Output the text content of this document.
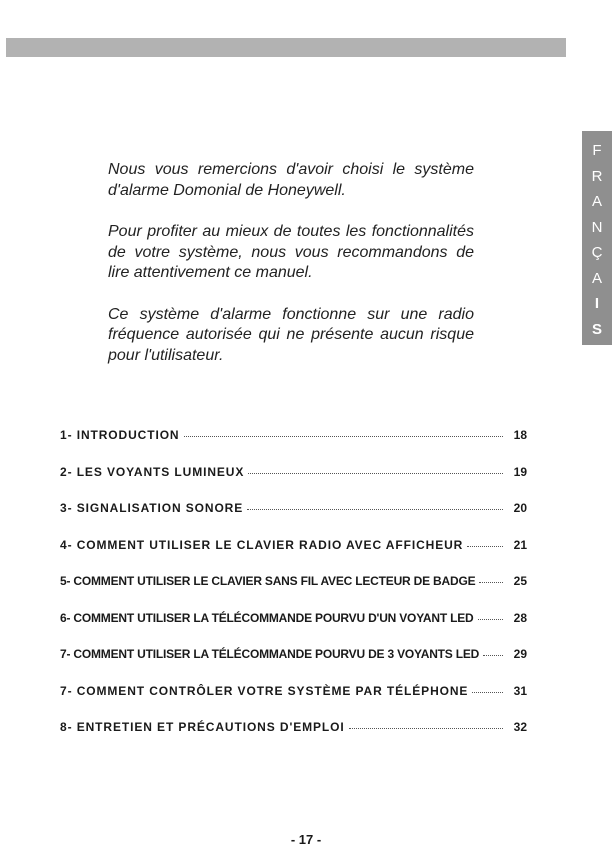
F
R
A
N
Ç
A
I
S

Nous vous remercions d'avoir choisi le système d'alarme Domonial de Honeywell.

Pour profiter au mieux de toutes les fonctionnalités de votre système, nous vous recommandons de lire attentivement ce manuel.

Ce système d'alarme fonctionne sur une radio fréquence autorisée qui ne présente aucun risque pour l'utilisateur.

1- INTRODUCTION	18
2- LES VOYANTS LUMINEUX	19
3- SIGNALISATION SONORE	20
4- COMMENT UTILISER LE CLAVIER RADIO AVEC AFFICHEUR	21
5- COMMENT UTILISER LE CLAVIER SANS FIL AVEC LECTEUR DE BADGE	25
6- COMMENT UTILISER LA TÉLÉCOMMANDE POURVU D'UN VOYANT LED	28
7- COMMENT UTILISER LA TÉLÉCOMMANDE POURVU DE 3 VOYANTS LED	29
7- COMMENT CONTRÔLER VOTRE SYSTÈME PAR TÉLÉPHONE	31
8- ENTRETIEN ET PRÉCAUTIONS D'EMPLOI	32
- 17 -
